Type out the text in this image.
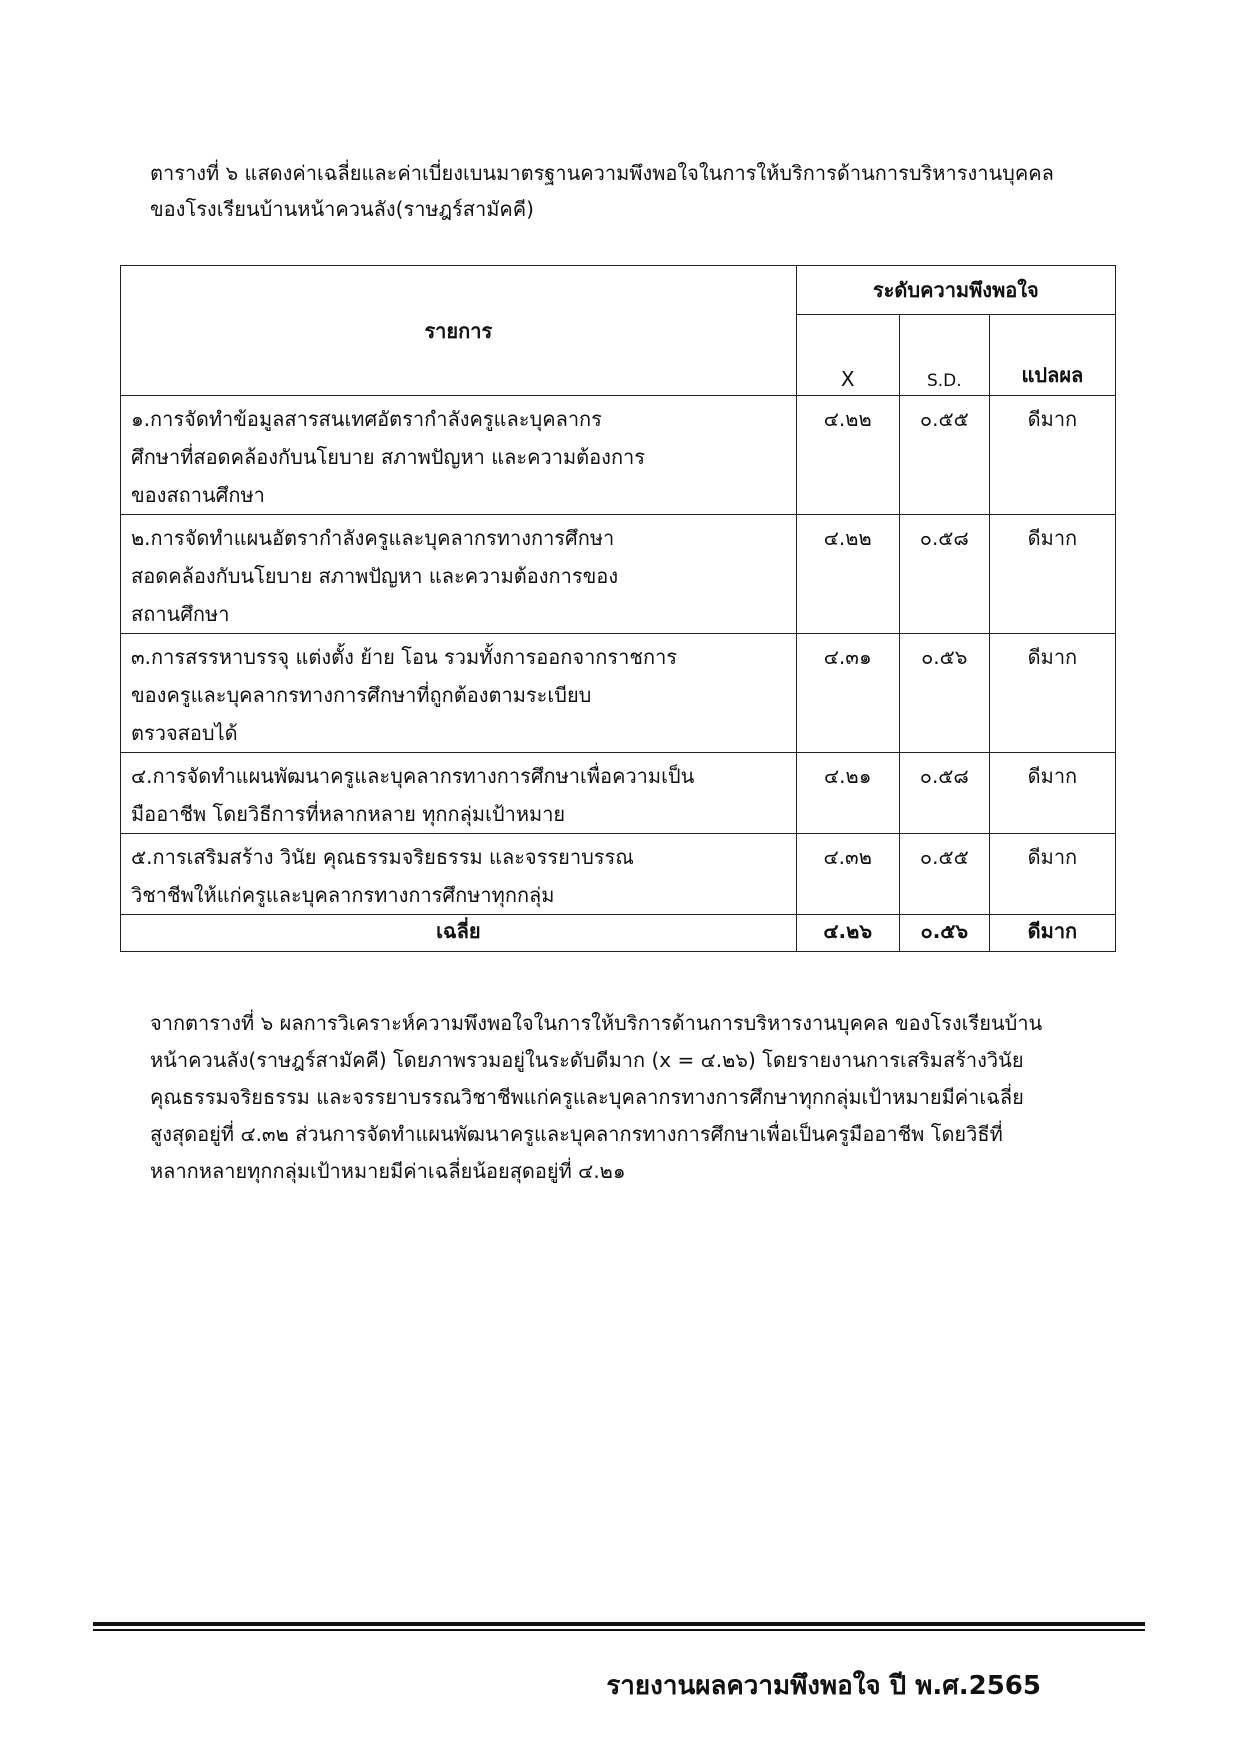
ตารางที่ ๖ แสดงค่าเฉลี่ยและค่าเบี่ยงเบนมาตรฐานความพึงพอใจในการให้บริการด้านการบริหารงานบุคคล

ของโรงเรียนบ้านหน้าควนลัง(ราษฎร์สามัคคี)

รายการ	ระดับความพึงพอใจ		
	X	S.D.	แปลผล

๑.การจัดทำข้อมูลสารสนเทศอัตรากำลังครูและบุคลากร
ศึกษาที่สอดคล้องกับนโยบาย สภาพปัญหา และความต้องการ
ของสถานศึกษา	๔.๒๒	๐.๕๕	ดีมาก

๒.การจัดทำแผนอัตรากำลังครูและบุคลากรทางการศึกษา
สอดคล้องกับนโยบาย สภาพปัญหา และความต้องการของ
สถานศึกษา	๔.๒๒	๐.๕๘	ดีมาก

๓.การสรรหาบรรจุ แต่งตั้ง ย้าย โอน รวมทั้งการออกจากราชการ
ของครูและบุคลากรทางการศึกษาที่ถูกต้องตามระเบียบ
ตรวจสอบได้	๔.๓๑	๐.๕๖	ดีมาก

๔.การจัดทำแผนพัฒนาครูและบุคลากรทางการศึกษาเพื่อความเป็น
มืออาชีพ โดยวิธีการที่หลากหลาย ทุกกลุ่มเป้าหมาย	๔.๒๑	๐.๕๘	ดีมาก

๕.การเสริมสร้าง วินัย คุณธรรมจริยธรรม และจรรยาบรรณ
วิชาชีพให้แก่ครูและบุคลากรทางการศึกษาทุกกลุ่ม	๔.๓๒	๐.๕๕	ดีมาก
เฉลี่ย	๔.๒๖	๐.๕๖	ดีมาก
จากตารางที่ ๖ ผลการวิเคราะห์ความพึงพอใจในการให้บริการด้านการบริหารงานบุคคล ของโรงเรียนบ้าน
หน้าควนลัง(ราษฎร์สามัคคี) โดยภาพรวมอยู่ในระดับดีมาก (x = ๔.๒๖) โดยรายงานการเสริมสร้างวินัย
คุณธรรมจริยธรรม และจรรยาบรรณวิชาชีพแก่ครูและบุคลากรทางการศึกษาทุกกลุ่มเป้าหมายมีค่าเฉลี่ย
สูงสุดอยู่ที่ ๔.๓๒ ส่วนการจัดทำแผนพัฒนาครูและบุคลากรทางการศึกษาเพื่อเป็นครูมืออาชีพ โดยวิธีที่
หลากหลายทุกกลุ่มเป้าหมายมีค่าเฉลี่ยน้อยสุดอยู่ที่ ๔.๒๑

รายงานผลความพึงพอใจ ปี พ.ศ.2565
